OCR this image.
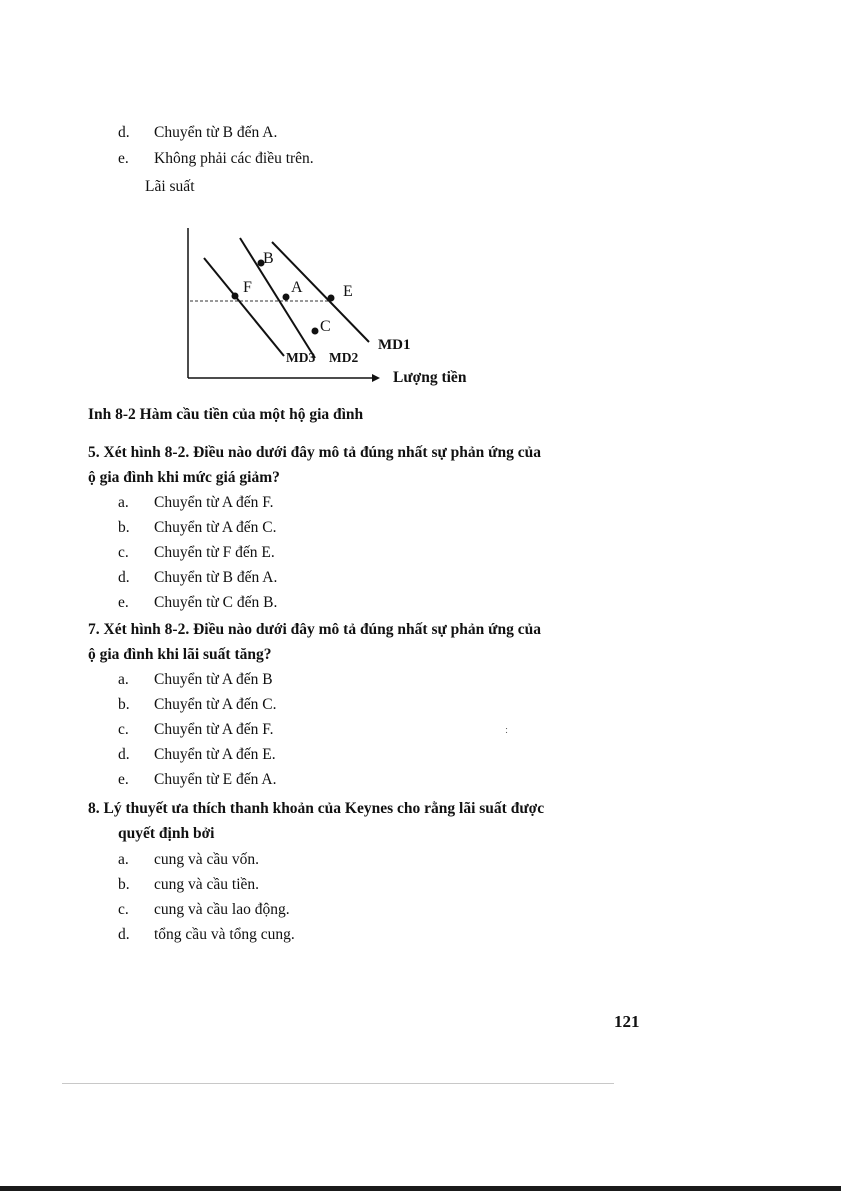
d.	Chuyển từ B đến A.
e.	Không phải các điều trên.
Lãi suất
B
F A	E
C
MD1
MD3 MD2
Lượng tiền
Inh 8-2 Hàm cầu tiền của một hộ gia đình
5. Xét hình 8-2. Điều nào dưới đây mô tả đúng nhất sự phản ứng của
ộ gia đình khi mức giá giảm?
a.	Chuyển từ A đến F.
b.	Chuyển từ A đến C.
c.	Chuyển từ F đến E.
d.	Chuyển từ B đến A.
e.	Chuyển từ C đến B.
7. Xét hình 8-2. Điều nào dưới đây mô tả đúng nhất sự phản ứng của
ộ gia đình khi lãi suất tăng?
a.	Chuyển từ A đến B
b.	Chuyển từ A đến C.
c.	Chuyển từ A đến F.
d.	Chuyển từ A đến E.
e.	Chuyển từ E đến A.
ː
8. Lý thuyết ưa thích thanh khoản của Keynes cho rằng lãi suất được
quyết định bởi
a.	cung và cầu vốn.
b.	cung và cầu tiền.
c.	cung và cầu lao động.
d.	tổng cầu và tổng cung.
121
